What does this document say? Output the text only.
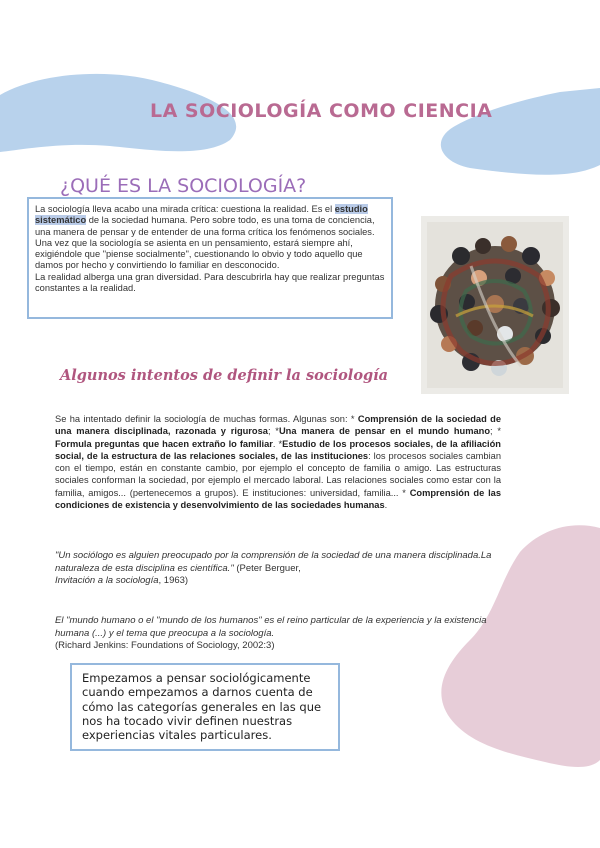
LA SOCIOLOGÍA COMO CIENCIA
¿QUÉ ES LA SOCIOLOGÍA?

La sociología lleva acabo una mirada crítica: cuestiona la realidad. Es el estudio sistemático de la sociedad humana. Pero sobre todo, es una toma de conciencia, una manera de pensar y de entender de una forma crítica los fenómenos sociales.

Una vez que la sociología se asienta en un pensamiento, estará siempre ahí, exigiéndole que "piense socialmente", cuestionando lo obvio y todo aquello que damos por hecho y convirtiendo lo familiar en desconocido.

La realidad alberga una gran diversidad. Para descubrirla hay que realizar preguntas constantes a la realidad.

Algunos intentos de definir la sociología

Se ha intentado definir la sociología de muchas formas. Algunas son: * Comprensión de la sociedad de una manera disciplinada, razonada y rigurosa; *Una manera de pensar en el mundo humano; * Formula preguntas que hacen extraño lo familiar. *Estudio de los procesos sociales, de la afiliación social, de la estructura de las relaciones sociales, de las instituciones: los procesos sociales cambian con el tiempo, están en constante cambio, por ejemplo el concepto de familia o amigo. Las estructuras sociales conforman la sociedad, por ejemplo el mercado laboral. Las relaciones sociales como estar con la familia, amigos... (pertenecemos a grupos). E instituciones: universidad, familia... * Comprensión de las condiciones de existencia y desenvolvimiento de las sociedades humanas.

"Un sociólogo es alguien preocupado por la comprensión de la sociedad de una manera disciplinada.La naturaleza de esta disciplina es científica." (Peter Berguer,
Invitación a la sociología, 1963)

El "mundo humano o el "mundo de los humanos" es el reino particular de la experiencia y la existencia humana (...) y el tema que preocupa a la sociología.
(Richard Jenkins: Foundations of Sociology, 2002:3)

Empezamos a pensar sociológicamente cuando empezamos a darnos cuenta de cómo las categorías generales en las que nos ha tocado vivir definen nuestras experiencias vitales particulares.
